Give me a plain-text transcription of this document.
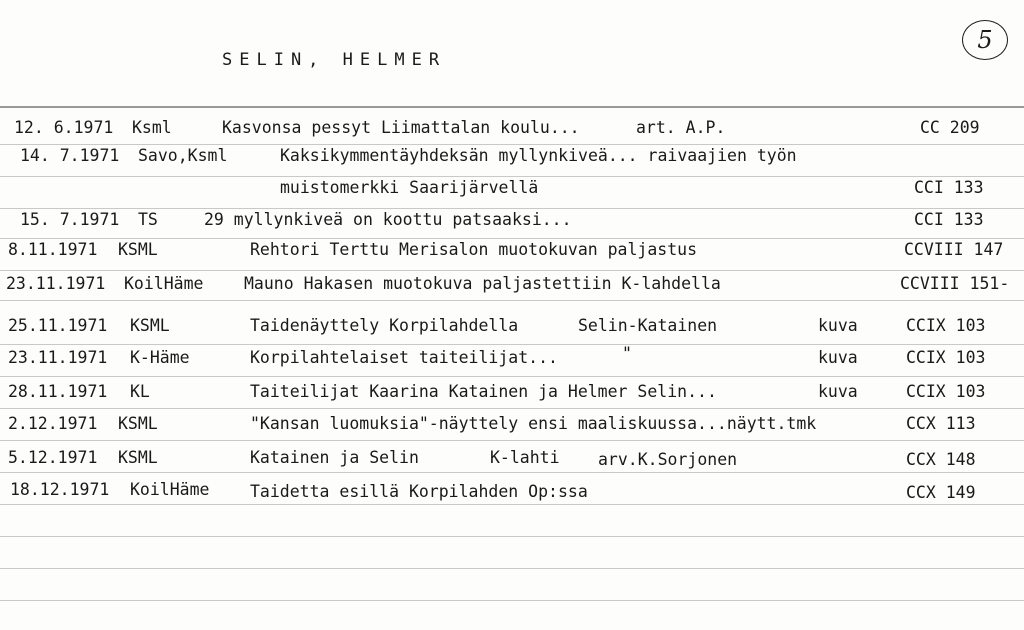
SELIN, HELMER
5
12. 6.1971 Ksml	Kasvonsa pessyt Liimattalan koulu...	art. A.P.	CC 209
14. 7.1971 Savo,Ksml	Kaksikymmentäyhdeksän myllynkiveä... raivaajien työn
muistomerkki Saarijärvellä	CCI 133
15. 7.1971 TS	29 myllynkiveä on koottu patsaaksi...	CCI 133
8.11.1971 KSML	Rehtori Terttu Merisalon muotokuvan paljastus	CCVIII 147
23.11.1971 KoilHäme Mauno Hakasen muotokuva paljastettiin K-lahdella	CCVIII 151-
25.11.1971 KSML	Taidenäyttely Korpilahdella	Selin-Katainen	kuva	CCIX 103
23.11.1971 K-Häme	Korpilahtelaiset taiteilijat...	"	kuva	CCIX 103
28.11.1971 KL	Taiteilijat Kaarina Katainen ja Helmer Selin...	kuva	CCIX 103
2.12.1971 KSML	"Kansan luomuksia"-näyttely ensi maaliskuussa...näytt.tmk	CCX 113
5.12.1971 KSML	Katainen ja Selin	K-lahti arv.K.Sorjonen	CCX 148
18.12.1971 KoilHäme Taidetta esillä Korpilahden Op:ssa	CCX 149
